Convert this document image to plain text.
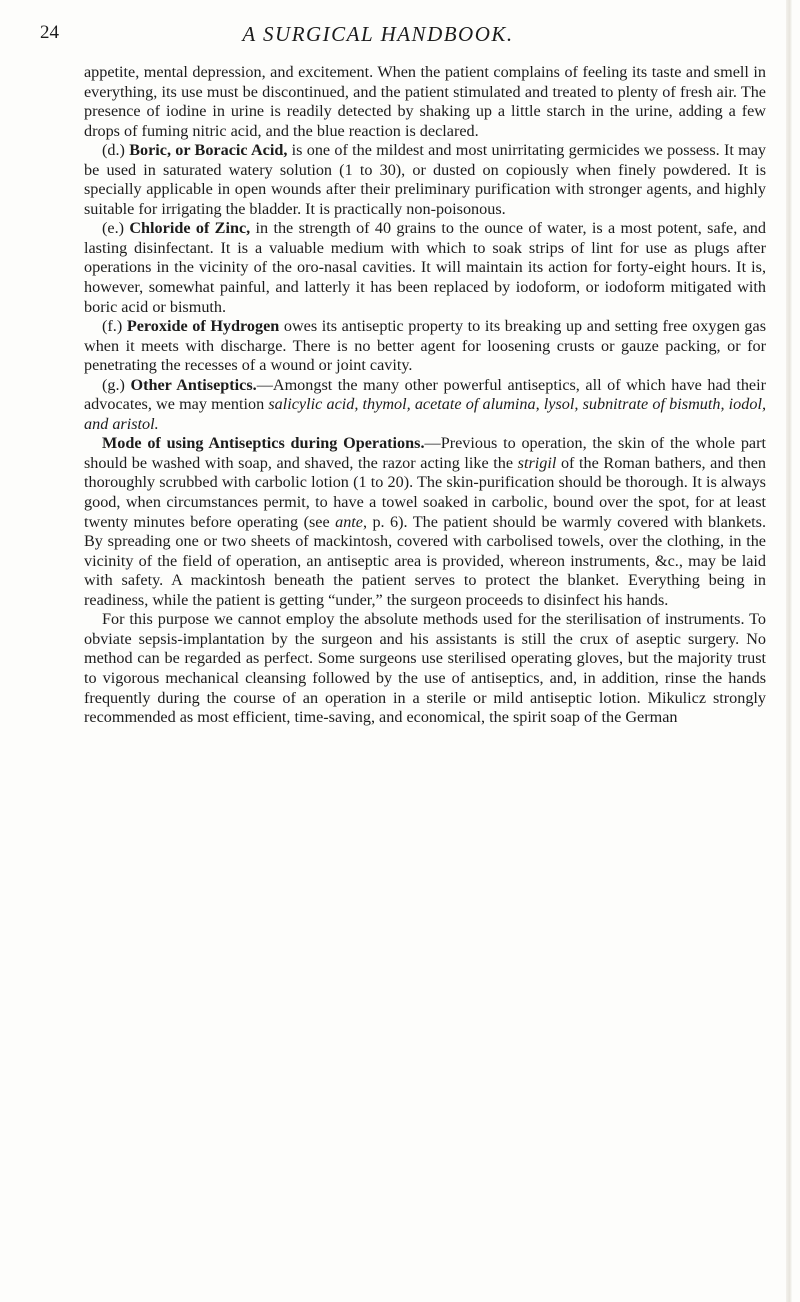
24	A SURGICAL HANDBOOK.

appetite, mental depression, and excitement. When the patient complains of feeling its taste and smell in everything, its use must be discontinued, and the patient stimulated and treated to plenty of fresh air. The presence of iodine in urine is readily detected by shaking up a little starch in the urine, adding a few drops of fuming nitric acid, and the blue reaction is declared.

(d.) Boric, or Boracic Acid, is one of the mildest and most unirritating germicides we possess. It may be used in saturated watery solution (1 to 30), or dusted on copiously when finely powdered. It is specially applicable in open wounds after their preliminary purification with stronger agents, and highly suitable for irrigating the bladder. It is practically non-poisonous.

(e.) Chloride of Zinc, in the strength of 40 grains to the ounce of water, is a most potent, safe, and lasting disinfectant. It is a valuable medium with which to soak strips of lint for use as plugs after operations in the vicinity of the oro-nasal cavities. It will maintain its action for forty-eight hours. It is, however, somewhat painful, and latterly it has been replaced by iodoform, or iodoform mitigated with boric acid or bismuth.

(f.) Peroxide of Hydrogen owes its antiseptic property to its breaking up and setting free oxygen gas when it meets with discharge. There is no better agent for loosening crusts or gauze packing, or for penetrating the recesses of a wound or joint cavity.

(g.) Other Antiseptics.—Amongst the many other powerful antiseptics, all of which have had their advocates, we may mention salicylic acid, thymol, acetate of alumina, lysol, subnitrate of bismuth, iodol, and aristol.

Mode of using Antiseptics during Operations.—Previous to operation, the skin of the whole part should be washed with soap, and shaved, the razor acting like the strigil of the Roman bathers, and then thoroughly scrubbed with carbolic lotion (1 to 20). The skin-purification should be thorough. It is always good, when circumstances permit, to have a towel soaked in carbolic, bound over the spot, for at least twenty minutes before operating (see ante, p. 6). The patient should be warmly covered with blankets. By spreading one or two sheets of mackintosh, covered with carbolised towels, over the clothing, in the vicinity of the field of operation, an antiseptic area is provided, whereon instruments, &c., may be laid with safety. A mackintosh beneath the patient serves to protect the blanket. Everything being in readiness, while the patient is getting “under,” the surgeon proceeds to disinfect his hands.

For this purpose we cannot employ the absolute methods used for the sterilisation of instruments. To obviate sepsis-implantation by the surgeon and his assistants is still the crux of aseptic surgery. No method can be regarded as perfect. Some surgeons use sterilised operating gloves, but the majority trust to vigorous mechanical cleansing followed by the use of antiseptics, and, in addition, rinse the hands frequently during the course of an operation in a sterile or mild antiseptic lotion. Mikulicz strongly recommended as most efficient, time-saving, and economical, the spirit soap of the German
